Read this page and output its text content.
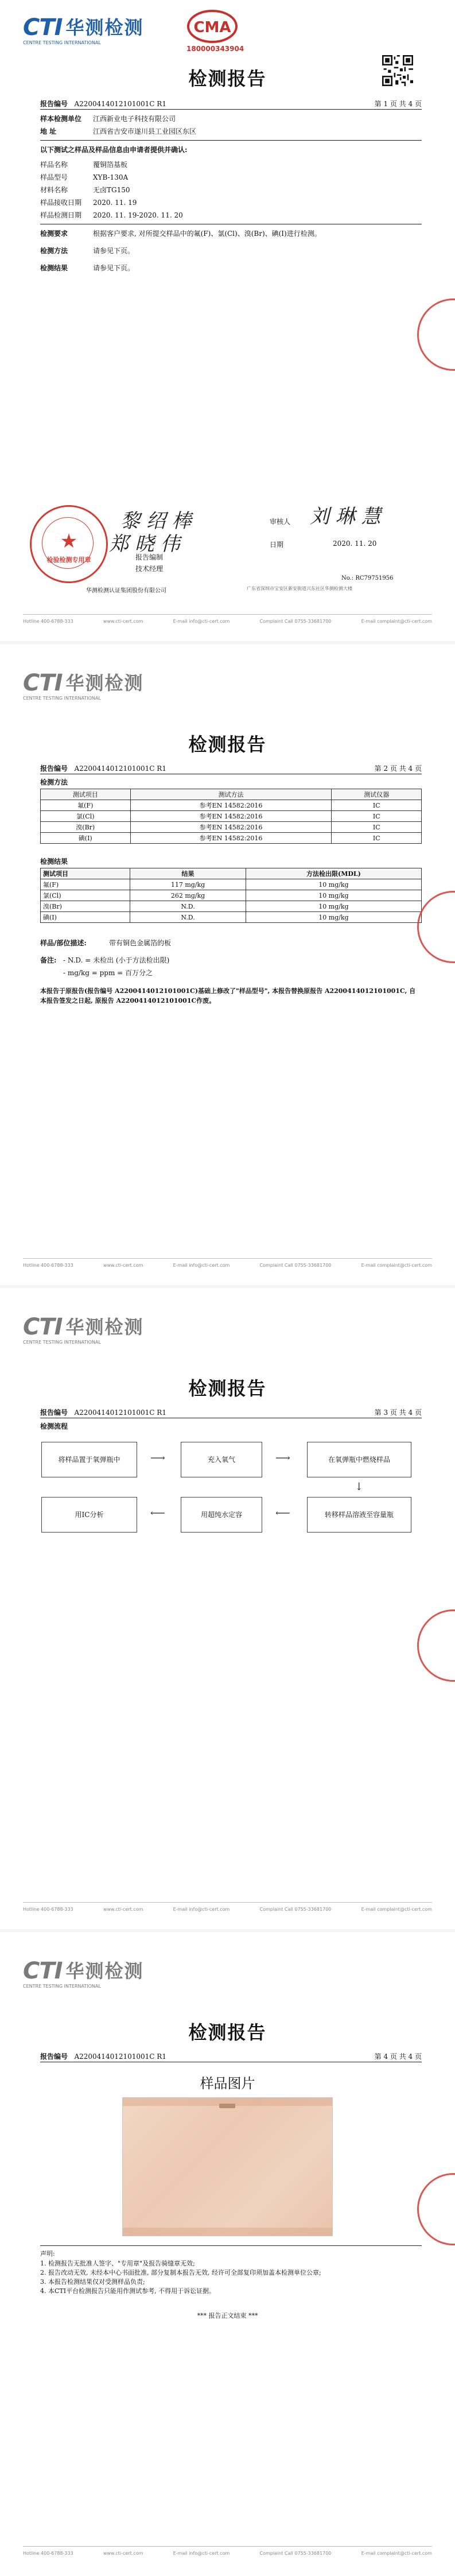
CTI 华测检测
CENTRE TESTING INTERNATIONAL
CMA
180000343904
检测报告
报告编号 A2200414012101001C R1	第 1 页 共 4 页
样本检测单位	江西新业电子科技有限公司
地 址	江西省吉安市遂川县工业园区东区
以下测试之样品及样品信息由申请者提供并确认:
样品名称	覆铜箔基板
样品型号	XYB-130A
材料名称	无卤TG150
样品接收日期	2020. 11. 19
样品检测日期	2020. 11. 19-2020. 11. 20
检测要求	根据客户要求, 对所提交样品中的氟(F)、氯(Cl)、溴(Br)、碘(I)进行检测。
检测方法	请参见下页。
检测结果	请参见下页。
黎 绍 棒
郑 晓 伟
报告编制
技术经理
审核人 刘 琳 慧
日期	2020. 11. 20
No.: RC79751956
广东省深圳市宝安区新安街道兴东社区华测检测大楼
华测检测认证集团股份有限公司
★
检验检测专用章
Hotline 400-6788-333	www.cti-cert.com	E-mail info@cti-cert.com	Complaint Call 0755-33681700	E-mail complaint@cti-cert.com
CTI 华测检测
CENTRE TESTING INTERNATIONAL
检测报告
报告编号 A2200414012101001C R1	第 2 页 共 4 页
检测方法
测试项目	测试方法	测试仪器
氟(F)	参考EN 14582:2016	IC
氯(Cl)	参考EN 14582:2016	IC
溴(Br)	参考EN 14582:2016	IC
碘(I)	参考EN 14582:2016	IC
检测结果
测试项目	结果	方法检出限(MDL)
氟(F)	117 mg/kg	10 mg/kg
氯(Cl)	262 mg/kg	10 mg/kg
溴(Br)	N.D.	10 mg/kg
碘(I)	N.D.	10 mg/kg
样品/部位描述:	带有铜色金属箔的板
备注: - N.D. = 未检出 (小于方法检出限)
- mg/kg = ppm = 百万分之
本报告于原报告(报告编号 A2200414012101001C)基础上修改了"样品型号", 本报告替换原报告 A2200414012101001C, 自本报告签发之日起, 原报告 A2200414012101001C作废。
Hotline 400-6788-333	www.cti-cert.com	E-mail info@cti-cert.com	Complaint Call 0755-33681700	E-mail complaint@cti-cert.com
CTI 华测检测
CENTRE TESTING INTERNATIONAL
检测报告
报告编号 A2200414012101001C R1	第 3 页 共 4 页
检测流程
将样品置于氧弹瓶中	⟶	充入氧气	⟶	在氧弹瓶中燃烧样品
↓
转移样品溶液至容量瓶
⟵
用超纯水定容
⟵
用IC分析
Hotline 400-6788-333	www.cti-cert.com	E-mail info@cti-cert.com	Complaint Call 0755-33681700	E-mail complaint@cti-cert.com
CTI 华测检测
CENTRE TESTING INTERNATIONAL
检测报告
报告编号 A2200414012101001C R1	第 4 页 共 4 页
样品图片
声明:
1. 检测报告无批准人签字、"专用章"及报告骑缝章无效;
2. 报告改动无效, 未经本中心书面批准, 部分复制本报告无效, 经许可全部复印须加盖本检测单位公章;
3. 本报告检测结果仅对受测样品负责;
4. 本CTI平台检测报告只能用作测试参考, 不得用于诉讼证据。
*** 报告正文结束 ***
Hotline 400-6788-333	www.cti-cert.com	E-mail info@cti-cert.com	Complaint Call 0755-33681700	E-mail complaint@cti-cert.com
